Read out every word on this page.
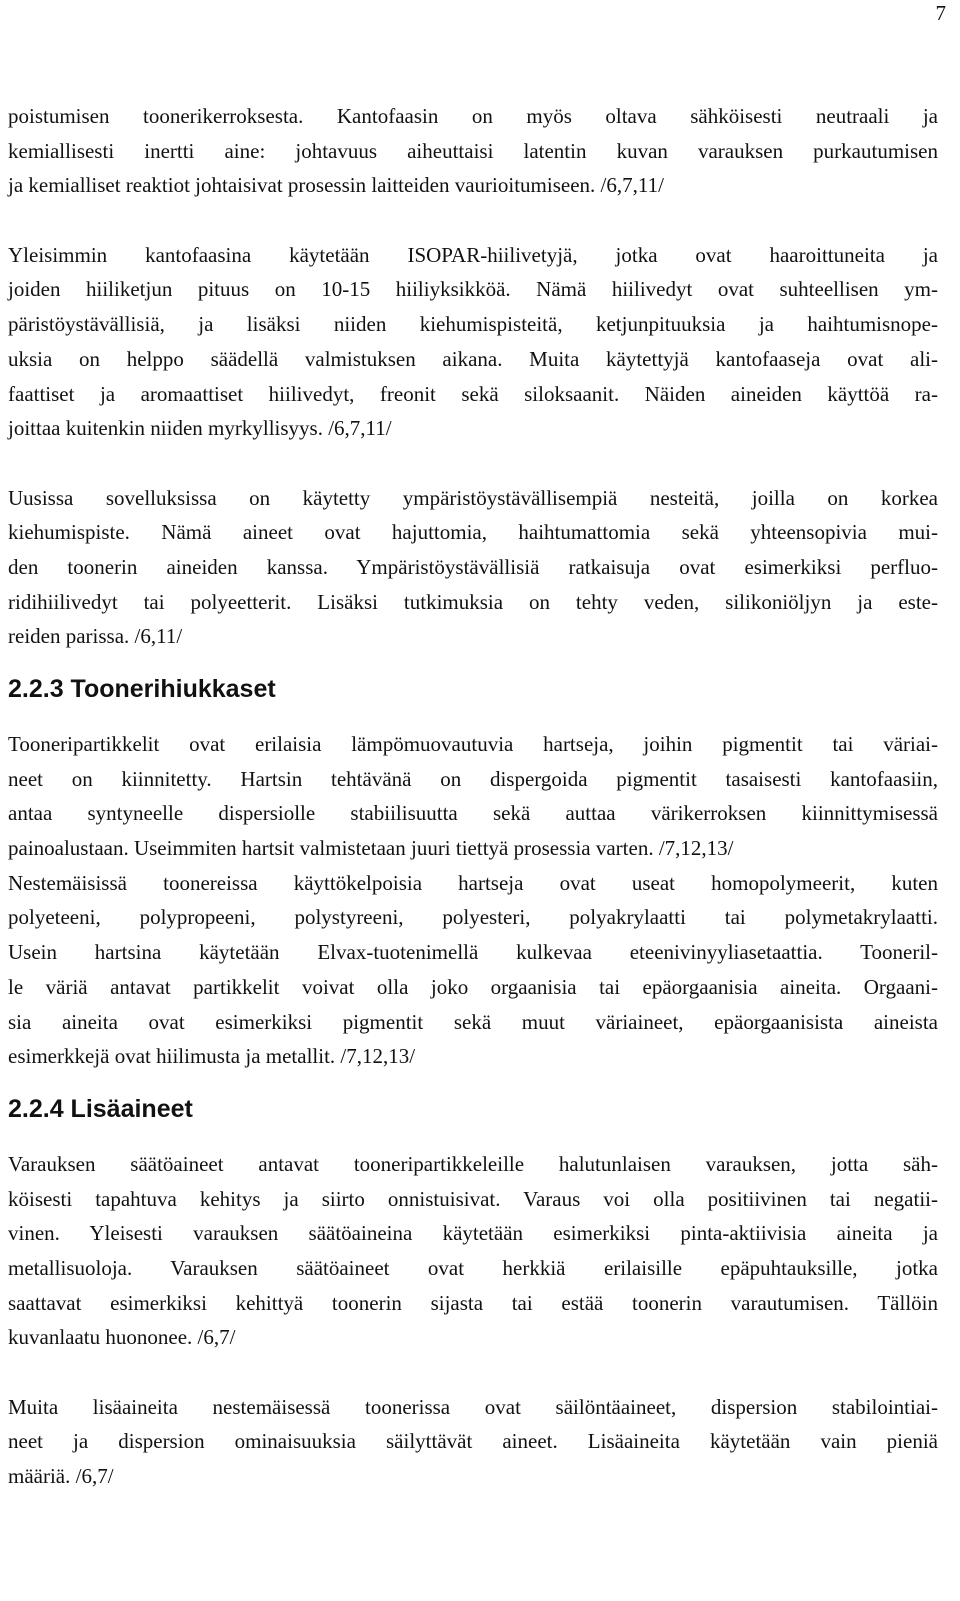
7
poistumisen toonerikerroksesta. Kantofaasin on myös oltava sähköisesti neutraali ja
kemiallisesti inertti aine: johtavuus aiheuttaisi latentin kuvan varauksen purkautumisen
ja kemialliset reaktiot johtaisivat prosessin laitteiden vaurioitumiseen. /6,7,11/
Yleisimmin kantofaasina käytetään ISOPAR-hiilivetyjä, jotka ovat haaroittuneita ja
joiden hiiliketjun pituus on 10-15 hiiliyksikköä. Nämä hiilivedyt ovat suhteellisen ym-
päristöystävällisiä, ja lisäksi niiden kiehumispisteitä, ketjunpituuksia ja haihtumisnope-
uksia on helppo säädellä valmistuksen aikana. Muita käytettyjä kantofaaseja ovat ali-
faattiset ja aromaattiset hiilivedyt, freonit sekä siloksaanit. Näiden aineiden käyttöä ra-
joittaa kuitenkin niiden myrkyllisyys. /6,7,11/
Uusissa sovelluksissa on käytetty ympäristöystävällisempiä nesteitä, joilla on korkea
kiehumispiste. Nämä aineet ovat hajuttomia, haihtumattomia sekä yhteensopivia mui-
den toonerin aineiden kanssa. Ympäristöystävällisiä ratkaisuja ovat esimerkiksi perfluo-
ridihiilivedyt tai polyeetterit. Lisäksi tutkimuksia on tehty veden, silikoniöljyn ja este-
reiden parissa. /6,11/
2.2.3 Toonerihiukkaset
Tooneripartikkelit ovat erilaisia lämpömuovautuvia hartseja, joihin pigmentit tai väriai-
neet on kiinnitetty. Hartsin tehtävänä on dispergoida pigmentit tasaisesti kantofaasiin,
antaa syntyneelle dispersiolle stabiilisuutta sekä auttaa värikerroksen kiinnittymisessä
painoalustaan. Useimmiten hartsit valmistetaan juuri tiettyä prosessia varten. /7,12,13/
Nestemäisissä toonereissa käyttökelpoisia hartseja ovat useat homopolymeerit, kuten
polyeteeni, polypropeeni, polystyreeni, polyesteri, polyakrylaatti tai polymetakrylaatti.
Usein hartsina käytetään Elvax-tuotenimellä kulkevaa eteenivinyyliasetaattia. Tooneril-
le väriä antavat partikkelit voivat olla joko orgaanisia tai epäorgaanisia aineita. Orgaani-
sia aineita ovat esimerkiksi pigmentit sekä muut väriaineet, epäorgaanisista aineista
esimerkkejä ovat hiilimusta ja metallit. /7,12,13/
2.2.4 Lisäaineet
Varauksen säätöaineet antavat tooneripartikkeleille halutunlaisen varauksen, jotta säh-
köisesti tapahtuva kehitys ja siirto onnistuisivat. Varaus voi olla positiivinen tai negatii-
vinen. Yleisesti varauksen säätöaineina käytetään esimerkiksi pinta-aktiivisia aineita ja
metallisuoloja. Varauksen säätöaineet ovat herkkiä erilaisille epäpuhtauksille, jotka
saattavat esimerkiksi kehittyä toonerin sijasta tai estää toonerin varautumisen. Tällöin
kuvanlaatu huononee. /6,7/
Muita lisäaineita nestemäisessä toonerissa ovat säilöntäaineet, dispersion stabilointiai-
neet ja dispersion ominaisuuksia säilyttävät aineet. Lisäaineita käytetään vain pieniä
määriä. /6,7/
